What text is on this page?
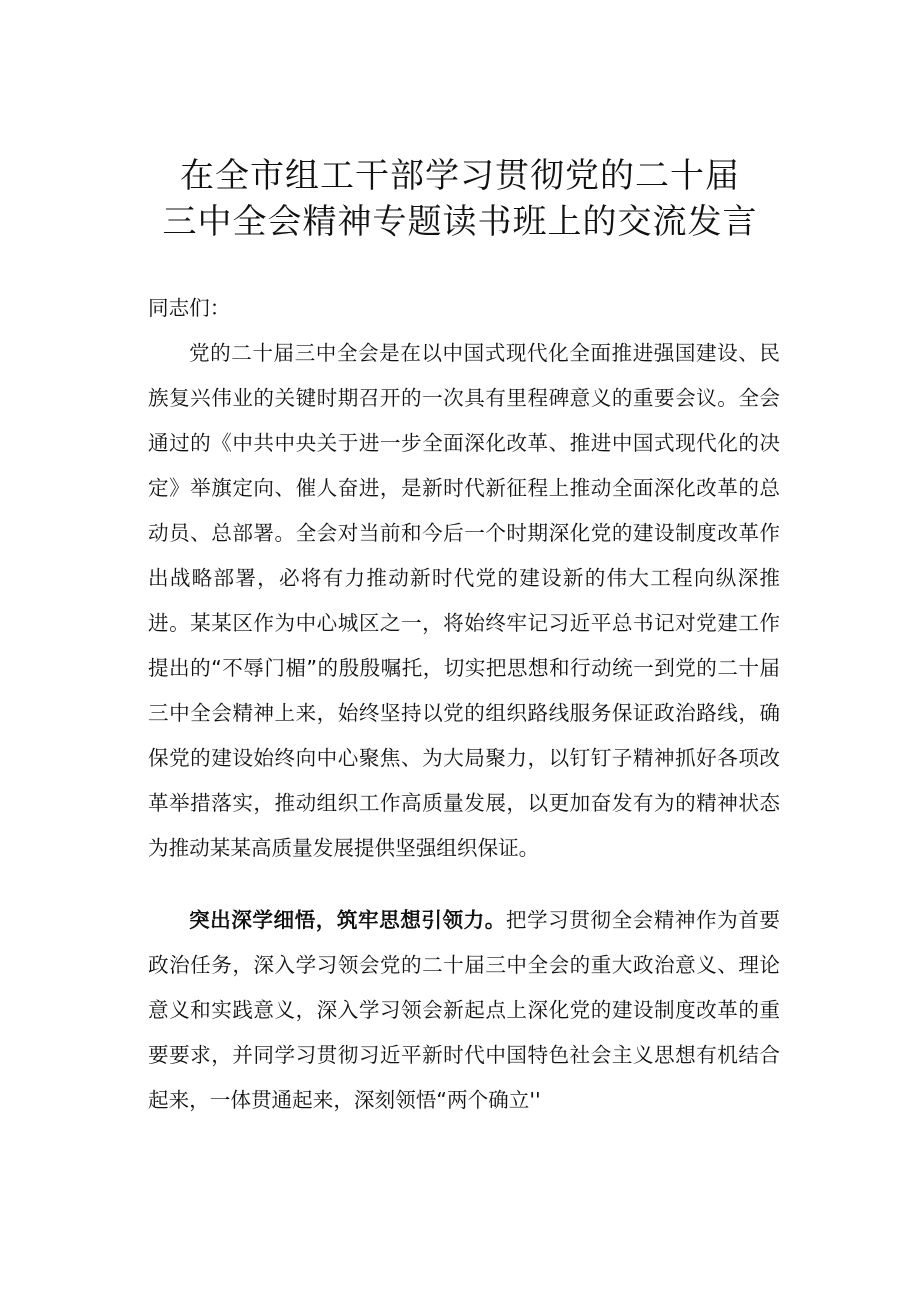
在全市组工干部学习贯彻党的二十届
三中全会精神专题读书班上的交流发言
同志们：
党的二十届三中全会是在以中国式现代化全面推进强国建设、民族复兴伟业的关键时期召开的一次具有里程碑意义的重要会议。全会通过的《中共中央关于进一步全面深化改革、推进中国式现代化的决定》举旗定向、催人奋进，是新时代新征程上推动全面深化改革的总动员、总部署。全会对当前和今后一个时期深化党的建设制度改革作出战略部署，必将有力推动新时代党的建设新的伟大工程向纵深推进。某某区作为中心城区之一，将始终牢记习近平总书记对党建工作提出的“不辱门楣”的殷殷嘱托，切实把思想和行动统一到党的二十届三中全会精神上来，始终坚持以党的组织路线服务保证政治路线，确保党的建设始终向中心聚焦、为大局聚力，以钉钉子精神抓好各项改革举措落实，推动组织工作高质量发展，以更加奋发有为的精神状态为推动某某高质量发展提供坚强组织保证。
突出深学细悟，筑牢思想引领力。把学习贯彻全会精神作为首要政治任务，深入学习领会党的二十届三中全会的重大政治意义、理论意义和实践意义，深入学习领会新起点上深化党的建设制度改革的重要要求，并同学习贯彻习近平新时代中国特色社会主义思想有机结合起来，一体贯通起来，深刻领悟“两个确立''
